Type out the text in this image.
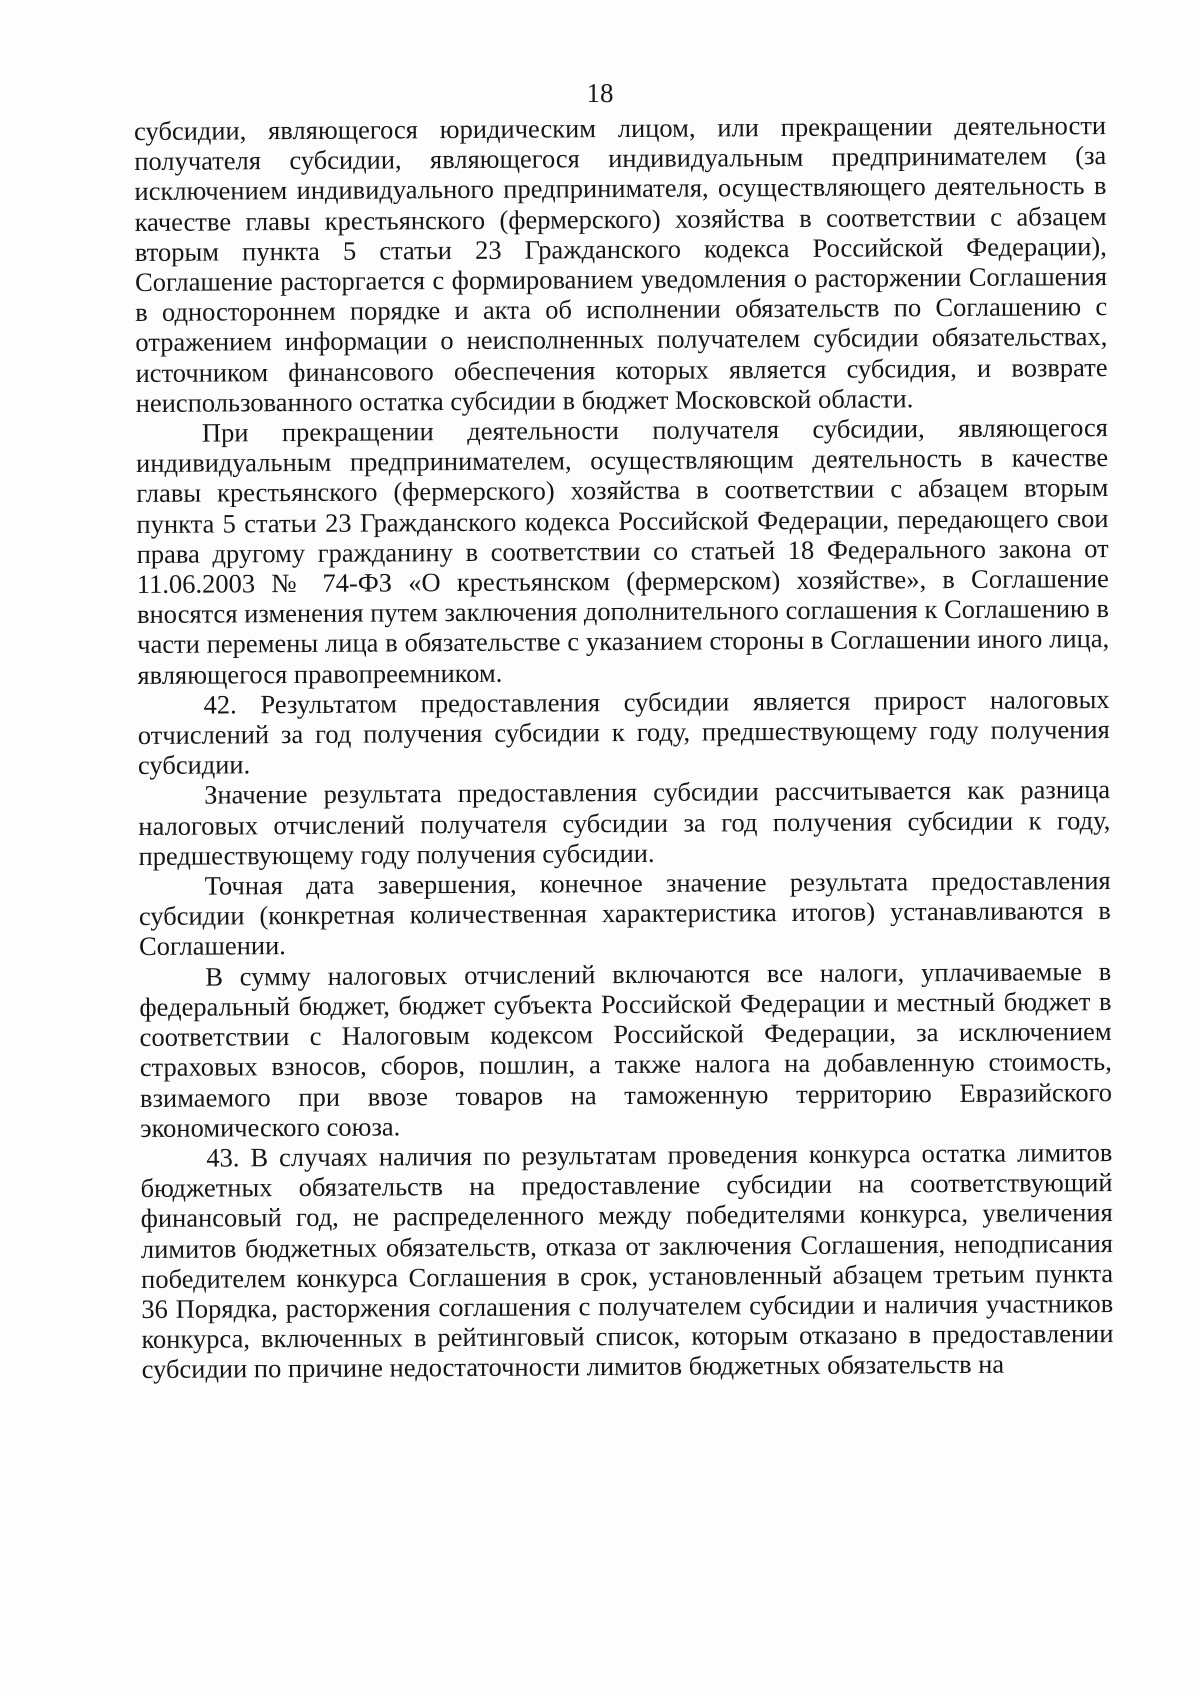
18

субсидии, являющегося юридическим лицом, или прекращении деятельности получателя субсидии, являющегося индивидуальным предпринимателем (за исключением индивидуального предпринимателя, осуществляющего деятельность в качестве главы крестьянского (фермерского) хозяйства в соответствии с абзацем вторым пункта 5 статьи 23 Гражданского кодекса Российской Федерации), Соглашение расторгается с формированием уведомления о расторжении Соглашения в одностороннем порядке и акта об исполнении обязательств по Соглашению с отражением информации о неисполненных получателем субсидии обязательствах, источником финансового обеспечения которых является субсидия, и возврате неиспользованного остатка субсидии в бюджет Московской области.

При прекращении деятельности получателя субсидии, являющегося индивидуальным предпринимателем, осуществляющим деятельность в качестве главы крестьянского (фермерского) хозяйства в соответствии с абзацем вторым пункта 5 статьи 23 Гражданского кодекса Российской Федерации, передающего свои права другому гражданину в соответствии со статьей 18 Федерального закона от 11.06.2003 № 74-ФЗ «О крестьянском (фермерском) хозяйстве», в Соглашение вносятся изменения путем заключения дополнительного соглашения к Соглашению в части перемены лица в обязательстве с указанием стороны в Соглашении иного лица, являющегося правопреемником.

42. Результатом предоставления субсидии является прирост налоговых отчислений за год получения субсидии к году, предшествующему году получения субсидии.

Значение результата предоставления субсидии рассчитывается как разница налоговых отчислений получателя субсидии за год получения субсидии к году, предшествующему году получения субсидии.

Точная дата завершения, конечное значение результата предоставления субсидии (конкретная количественная характеристика итогов) устанавливаются в Соглашении.

В сумму налоговых отчислений включаются все налоги, уплачиваемые в федеральный бюджет, бюджет субъекта Российской Федерации и местный бюджет в соответствии с Налоговым кодексом Российской Федерации, за исключением страховых взносов, сборов, пошлин, а также налога на добавленную стоимость, взимаемого при ввозе товаров на таможенную территорию Евразийского экономического союза.

43. В случаях наличия по результатам проведения конкурса остатка лимитов бюджетных обязательств на предоставление субсидии на соответствующий финансовый год, не распределенного между победителями конкурса, увеличения лимитов бюджетных обязательств, отказа от заключения Соглашения, неподписания победителем конкурса Соглашения в срок, установленный абзацем третьим пункта 36 Порядка, расторжения соглашения с получателем субсидии и наличия участников конкурса, включенных в рейтинговый список, которым отказано в предоставлении субсидии по причине недостаточности лимитов бюджетных обязательств на
